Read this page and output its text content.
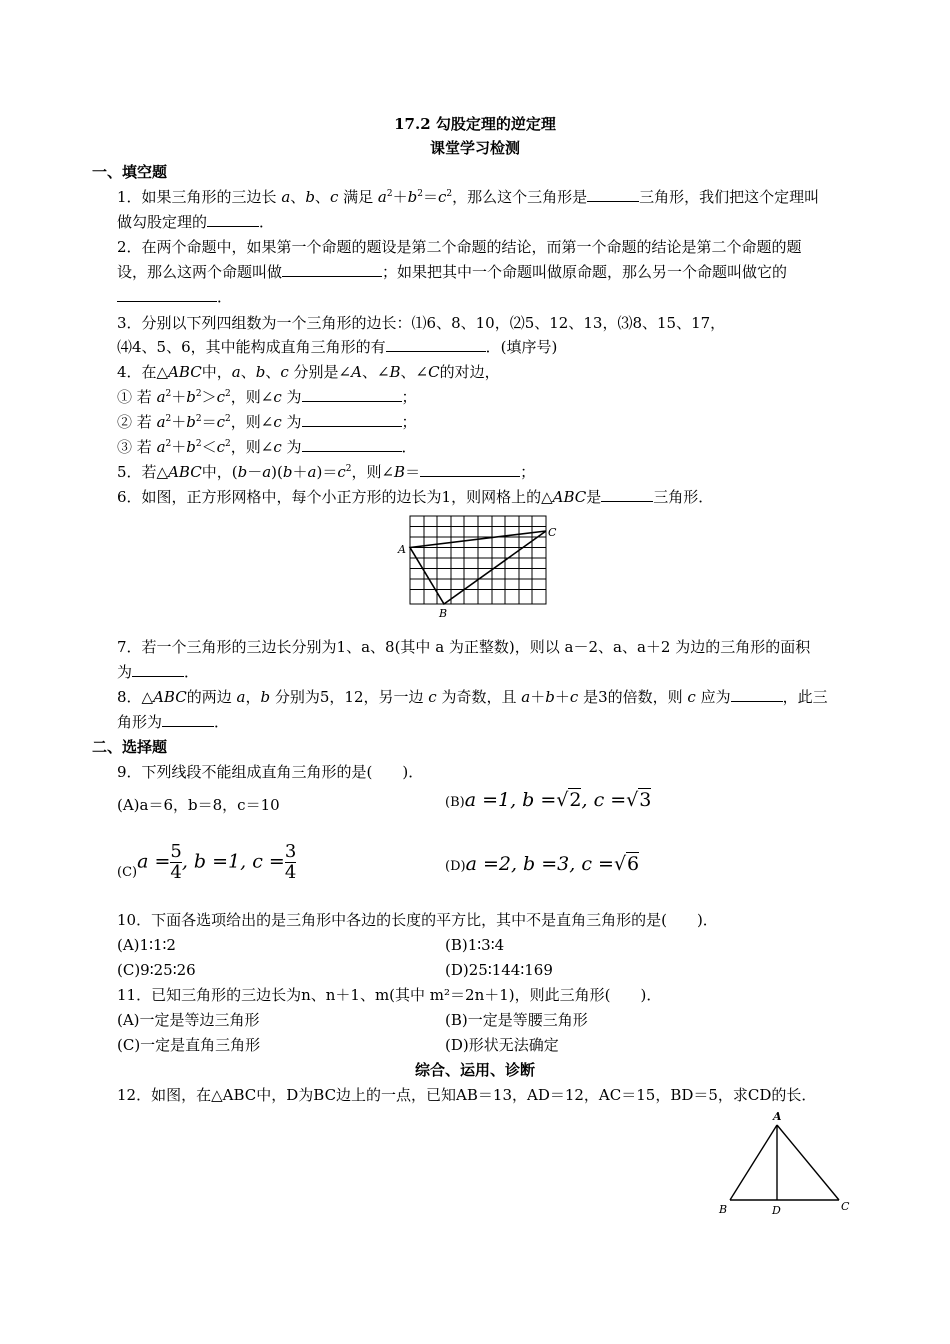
17.2 勾股定理的逆定理
课堂学习检测
一、填空题
1．如果三角形的三边长 a、b、c 满足 $a^2+b^2=c^2$，那么这个三角形是	三角形，我们把这个定理叫
做勾股定理的	．
2．在两个命题中，如果第一个命题的题设是第二个命题的结论，而第一个命题的结论是第二个命题的题
设，那么这两个命题叫做	；如果把其中一个命题叫做原命题，那么另一个命题叫做它的
．
3．分别以下列四组数为一个三角形的边长：⑴6、8、10，⑵5、12、13，⑶8、15、17，
⑷4、5、6，其中能构成直角三角形的有	．(填序号)
4．在△ABC中，a、b、c 分别是∠A、∠B、∠C的对边，
① 若 $a^2+b^2>c^2$，则∠c 为	；
② 若 $a^2+b^2=c^2$，则∠c 为	；
③ 若 $a^2+b^2<c^2$，则∠c 为	．
5．若△ABC中，$(b-a)(b+a)=c^2$，则∠B＝	；
6．如图，正方形网格中，每个小正方形的边长为1，则网格上的△ABC是	三角形．
A
C
B
7．若一个三角形的三边长分别为1、a、8(其中 a 为正整数)，则以 a－2、a、a＋2 为边的三角形的面积
为	．
8．△ABC的两边 a，b 分别为5，12，另一边 c 为奇数，且 a＋b＋c 是3的倍数，则 c 应为	，此三
角形为	．
二、选择题
9．下列线段不能组成直角三角形的是(　　)．
(A)a＝6，b＝8，c＝10	(B)a =1, b =√2, c =√3
$(C)a = \frac{5}{4}$ , b =1, $c = \frac{3}{4}$	(D)a =2, b =3, c =√6
10．下面各选项给出的是三角形中各边的长度的平方比，其中不是直角三角形的是(　　)．
(A)1∶1∶2	(B)1∶3∶4
(C)9∶25∶26	(D)25∶144∶169
11．已知三角形的三边长为n、n＋1、m(其中 m²＝2n＋1)，则此三角形(　　)．
(A)一定是等边三角形	(B)一定是等腰三角形
(C)一定是直角三角形	(D)形状无法确定
综合、运用、诊断
12．如图，在△ABC中，D为BC边上的一点，已知AB＝13，AD＝12，AC＝15，BD＝5，求CD的长．
A
B	D	C
